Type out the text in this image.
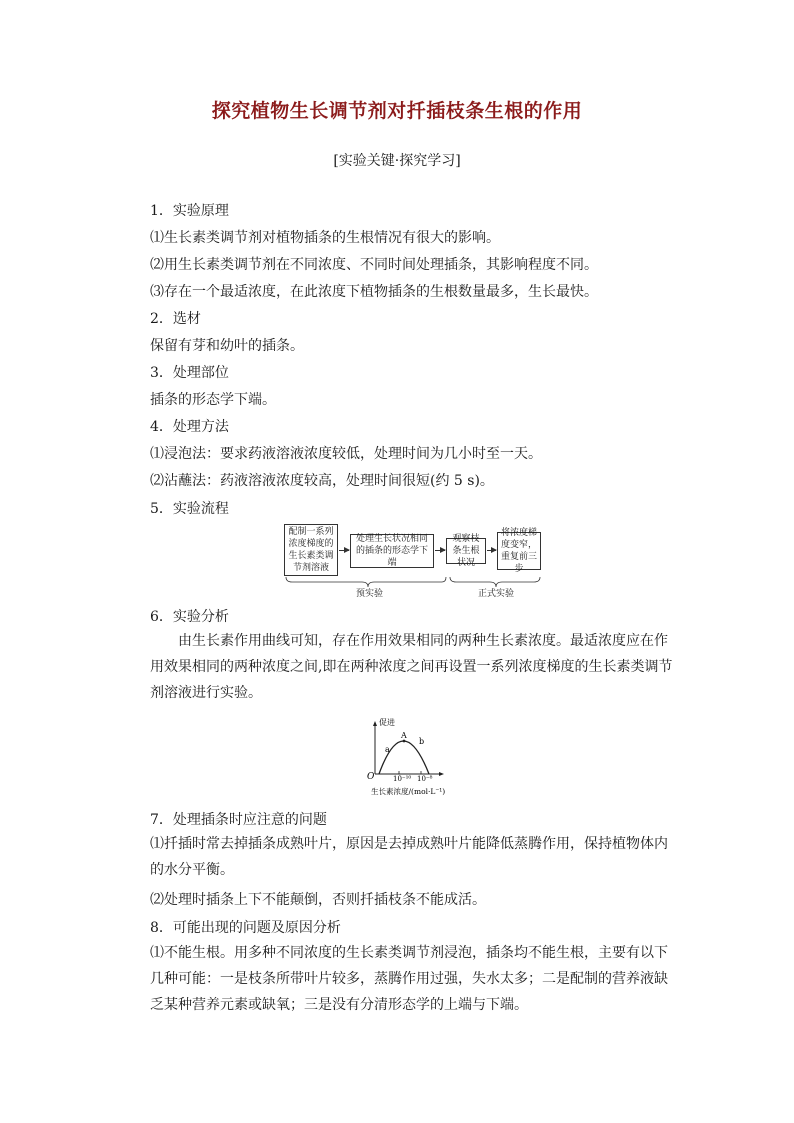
探究植物生长调节剂对扦插枝条生根的作用
[实验关键·探究学习]
1．实验原理
⑴生长素类调节剂对植物插条的生根情况有很大的影响。
⑵用生长素类调节剂在不同浓度、不同时间处理插条，其影响程度不同。
⑶存在一个最适浓度，在此浓度下植物插条的生根数量最多，生长最快。
2．选材
保留有芽和幼叶的插条。
3．处理部位
插条的形态学下端。
4．处理方法
⑴浸泡法：要求药液溶液浓度较低，处理时间为几小时至一天。
⑵沾蘸法：药液溶液浓度较高，处理时间很短(约 5 s)。
5．实验流程
配制一系列浓度梯度的生长素类调节剂溶液
处理生长状况相同的插条的形态学下端
观察枝条生根状况
将浓度梯度变窄，重复前三步
预实验	正式实验
6．实验分析
由生长素作用曲线可知，存在作用效果相同的两种生长素浓度。最适浓度应在作用效果相同的两种浓度之间,即在两种浓度之间再设置一系列浓度梯度的生长素类调节剂溶液进行实验。
促进
O
A
a
b
10⁻¹⁰ 10⁻⁸
生长素浓度/(mol·L⁻¹)
7．处理插条时应注意的问题
⑴扦插时常去掉插条成熟叶片，原因是去掉成熟叶片能降低蒸腾作用，保持植物体内的水分平衡。
⑵处理时插条上下不能颠倒，否则扦插枝条不能成活。
8．可能出现的问题及原因分析
⑴不能生根。用多种不同浓度的生长素类调节剂浸泡，插条均不能生根，主要有以下几种可能：一是枝条所带叶片较多，蒸腾作用过强，失水太多；二是配制的营养液缺乏某种营养元素或缺氧；三是没有分清形态学的上端与下端。
